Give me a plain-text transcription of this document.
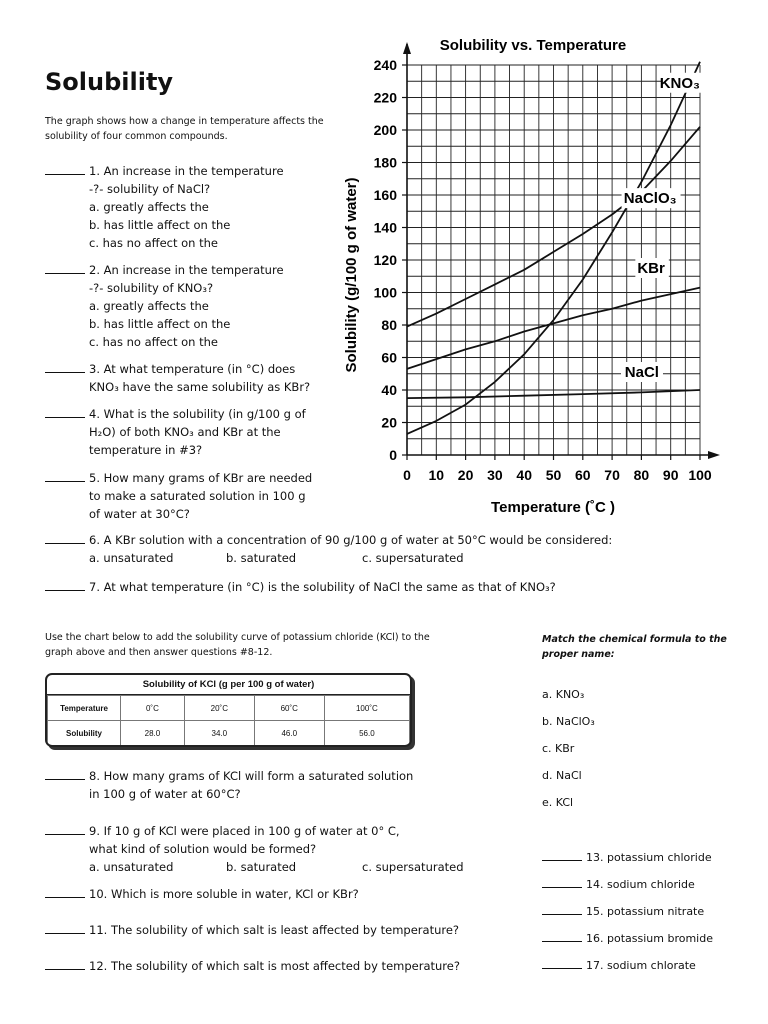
Solubility
The graph shows how a change in temperature affects the solubility of four common compounds.
1. An increase in the temperature
-?- solubility of NaCl?
a. greatly affects the
b. has little affect on the
c. has no affect on the
2. An increase in the temperature
-?- solubility of KNO₃?
a. greatly affects the
b. has little affect on the
c. has no affect on the
3. At what temperature (in °C) does
KNO₃ have the same solubility as KBr?
4. What is the solubility (in g/100 g of
H₂O) of both KNO₃ and KBr at the
temperature in #3?
5. How many grams of KBr are needed
to make a saturated solution in 100 g
of water at 30°C?
6. A KBr solution with a concentration of 90 g/100 g of water at 50°C would be considered:
a. unsaturated	b. saturated	c. supersaturated
7. At what temperature (in °C) is the solubility of NaCl the same as that of KNO₃?
Solubility vs. Temperature
0
20
40
60
80
100
120
140
160
180
200
220
240
0 10 20 30 40 50 60 70 80 90 100
KNO₃
NaClO₃
KBr
NaCl
Temperature (˚C )
Solubility (g/100 g of water)
Use the chart below to add the solubility curve of potassium chloride (KCl) to the graph above and then answer questions #8-12.
Solubility of KCl (g per 100 g of water)
Temperature	0˚C	20˚C	60˚C	100˚C
Solubility	28.0	34.0	46.0	56.0
8. How many grams of KCl will form a saturated solution
in 100 g of water at 60°C?
9. If 10 g of KCl were placed in 100 g of water at 0° C,
what kind of solution would be formed?
a. unsaturated	b. saturated	c. supersaturated
10. Which is more soluble in water, KCl or KBr?
11. The solubility of which salt is least affected by temperature?
12. The solubility of which salt is most affected by temperature?
Match the chemical formula to the proper name:
a. KNO₃
b. NaClO₃
c. KBr
d. NaCl
e. KCl
13. potassium chloride
14. sodium chloride
15. potassium nitrate
16. potassium bromide
17. sodium chlorate
